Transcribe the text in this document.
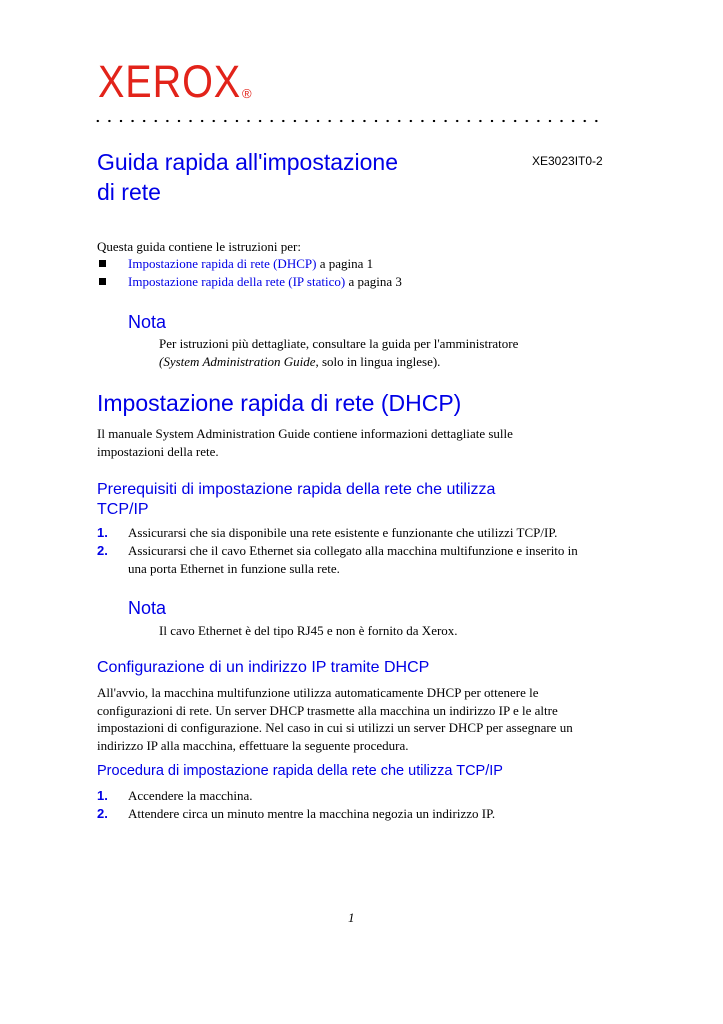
XEROX ®
Guida rapida all'impostazione
di rete
XE3023IT0-2
Questa guida contiene le istruzioni per:
Impostazione rapida di rete (DHCP) a pagina 1
Impostazione rapida della rete (IP statico) a pagina 3
Nota
Per istruzioni più dettagliate, consultare la guida per l'amministratore
(System Administration Guide, solo in lingua inglese).
Impostazione rapida di rete (DHCP)
Il manuale System Administration Guide contiene informazioni dettagliate sulle
impostazioni della rete.
Prerequisiti di impostazione rapida della rete che utilizza
TCP/IP
1. Assicurarsi che sia disponibile una rete esistente e funzionante che utilizzi TCP/IP.
2. Assicurarsi che il cavo Ethernet sia collegato alla macchina multifunzione e inserito in
una porta Ethernet in funzione sulla rete.
Nota
Il cavo Ethernet è del tipo RJ45 e non è fornito da Xerox.
Configurazione di un indirizzo IP tramite DHCP
All'avvio, la macchina multifunzione utilizza automaticamente DHCP per ottenere le
configurazioni di rete. Un server DHCP trasmette alla macchina un indirizzo IP e le altre
impostazioni di configurazione. Nel caso in cui si utilizzi un server DHCP per assegnare un
indirizzo IP alla macchina, effettuare la seguente procedura.
Procedura di impostazione rapida della rete che utilizza TCP/IP
1. Accendere la macchina.
2. Attendere circa un minuto mentre la macchina negozia un indirizzo IP.
1
